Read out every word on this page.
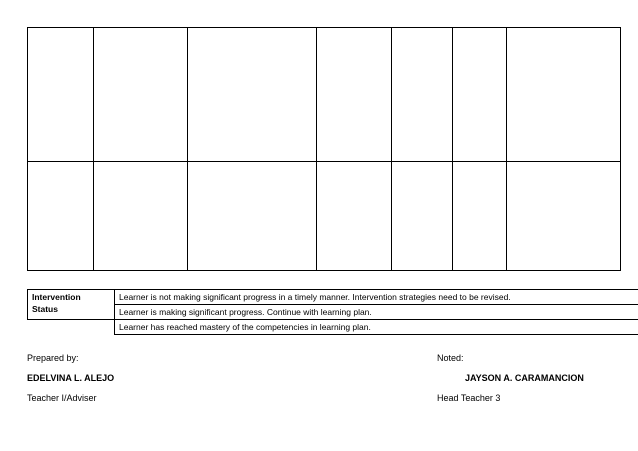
Intervention
Status	Learner is not making significant progress in a timely manner. Intervention strategies need to be revised.
	Learner is making significant progress. Continue with learning plan.
	Learner has reached mastery of the competencies in learning plan.
Prepared by:
EDELVINA L. ALEJO
Teacher I/Adviser
Noted:
JAYSON A. CARAMANCION
Head Teacher 3
